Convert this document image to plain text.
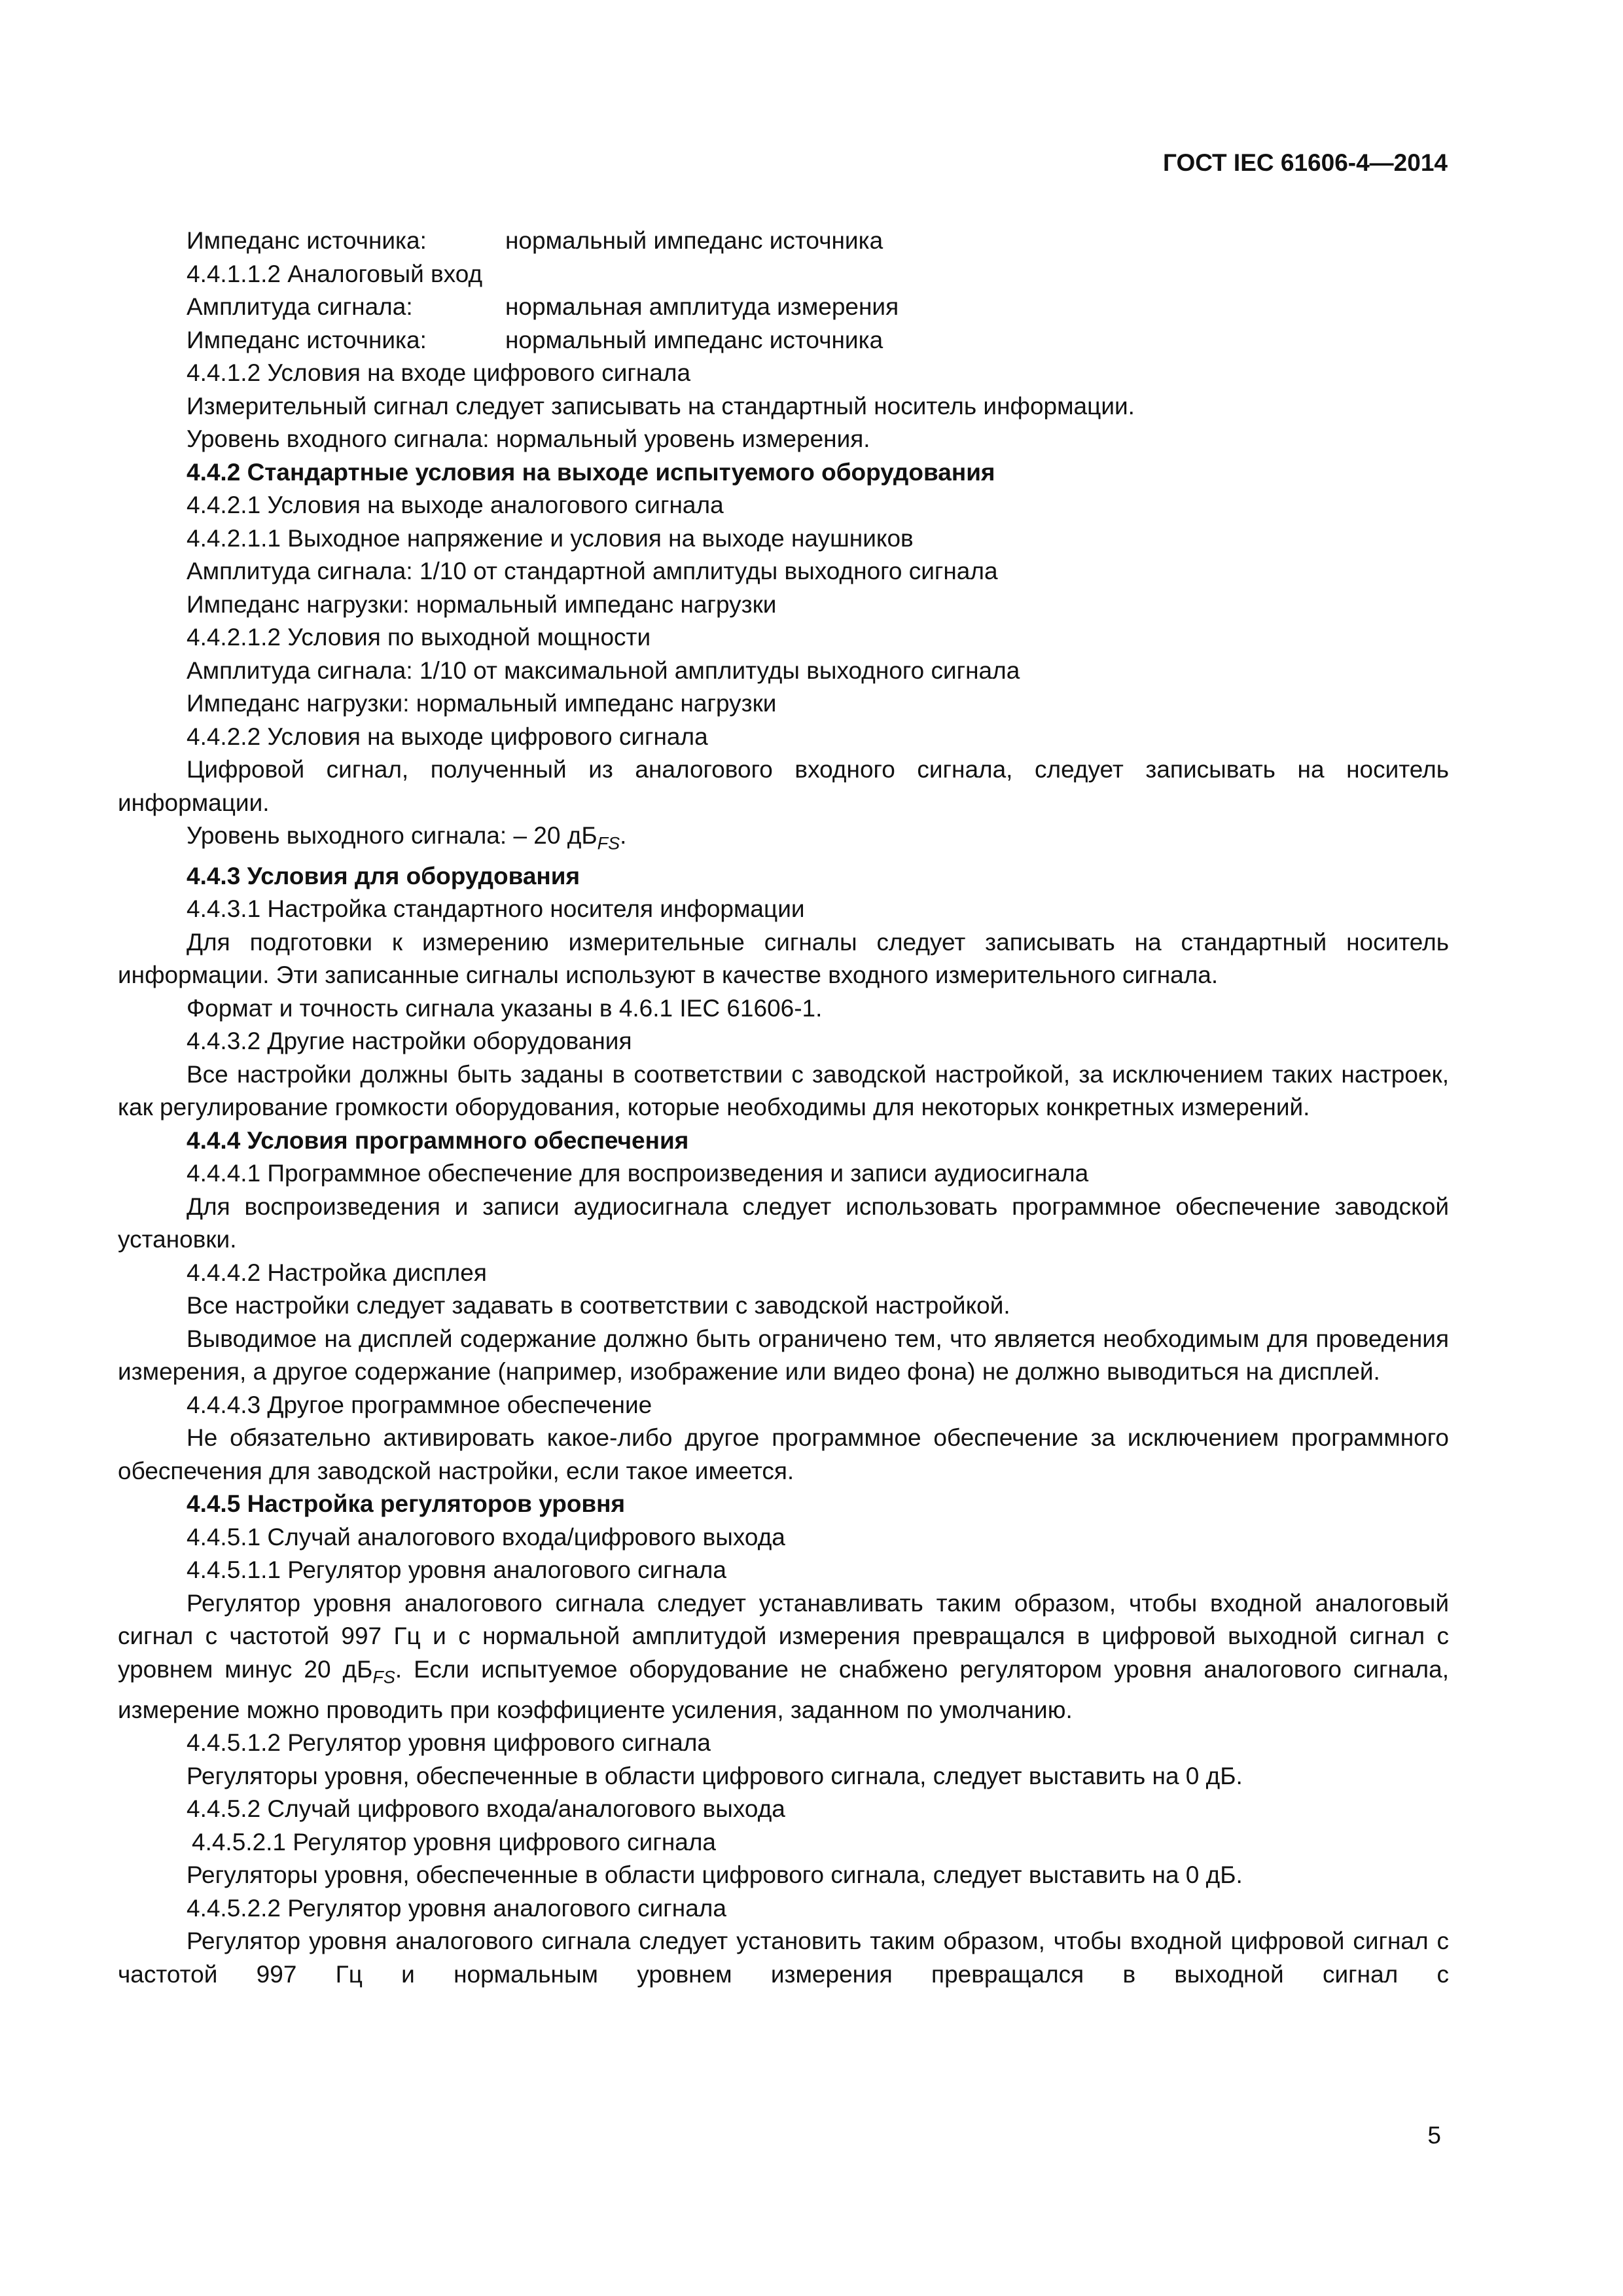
ГОСТ IEC 61606-4—2014

Импеданс источника:	нормальный импеданс источника

4.4.1.1.2 Аналоговый вход

Амплитуда сигнала:	нормальная амплитуда измерения

Импеданс источника:	нормальный импеданс источника

4.4.1.2 Условия на входе цифрового сигнала

Измерительный сигнал следует записывать на стандартный носитель информации.

Уровень входного сигнала: нормальный уровень измерения.

4.4.2 Стандартные условия на выходе испытуемого оборудования

4.4.2.1 Условия на выходе аналогового сигнала

4.4.2.1.1 Выходное напряжение и условия на выходе наушников

Амплитуда сигнала: 1/10 от стандартной амплитуды выходного сигнала

Импеданс нагрузки: нормальный импеданс нагрузки

4.4.2.1.2 Условия по выходной мощности

Амплитуда сигнала: 1/10 от максимальной амплитуды выходного сигнала

Импеданс нагрузки: нормальный импеданс нагрузки

4.4.2.2 Условия на выходе цифрового сигнала

Цифровой сигнал, полученный из аналогового входного сигнала, следует записывать на носитель информации.

Уровень выходного сигнала: – 20 $дБ_{FS}$.

4.4.3 Условия для оборудования

4.4.3.1 Настройка стандартного носителя информации

Для подготовки к измерению измерительные сигналы следует записывать на стандартный носитель информации. Эти записанные сигналы используют в качестве входного измерительного сигнала.

Формат и точность сигнала указаны в 4.6.1 IEC 61606-1.

4.4.3.2 Другие настройки оборудования

Все настройки должны быть заданы в соответствии с заводской настройкой, за исключением таких настроек, как регулирование громкости оборудования, которые необходимы для некоторых конкретных измерений.

4.4.4 Условия программного обеспечения

4.4.4.1 Программное обеспечение для воспроизведения и записи аудиосигнала

Для воспроизведения и записи аудиосигнала следует использовать программное обеспечение заводской установки.

4.4.4.2 Настройка дисплея

Все настройки следует задавать в соответствии с заводской настройкой.

Выводимое на дисплей содержание должно быть ограничено тем, что является необходимым для проведения измерения, а другое содержание (например, изображение или видео фона) не должно выводиться на дисплей.

4.4.4.3 Другое программное обеспечение

Не обязательно активировать какое-либо другое программное обеспечение за исключением программного обеспечения для заводской настройки, если такое имеется.

4.4.5 Настройка регуляторов уровня

4.4.5.1 Случай аналогового входа/цифрового выхода

4.4.5.1.1 Регулятор уровня аналогового сигнала

Регулятор уровня аналогового сигнала следует устанавливать таким образом, чтобы входной аналоговый сигнал с частотой 997 Гц и с нормальной амплитудой измерения превращался в цифровой выходной сигнал с уровнем минус 20 $дБ_{FS}$. Если испытуемое оборудование не снабжено регулятором уровня аналогового сигнала, измерение можно проводить при коэффициенте усиления, заданном по умолчанию.

4.4.5.1.2 Регулятор уровня цифрового сигнала

Регуляторы уровня, обеспеченные в области цифрового сигнала, следует выставить на 0 дБ.

4.4.5.2 Случай цифрового входа/аналогового выхода

4.4.5.2.1 Регулятор уровня цифрового сигнала

Регуляторы уровня, обеспеченные в области цифрового сигнала, следует выставить на 0 дБ.

4.4.5.2.2 Регулятор уровня аналогового сигнала

Регулятор уровня аналогового сигнала следует установить таким образом, чтобы входной цифровой сигнал с частотой 997 Гц и нормальным уровнем измерения превращался в выходной сигнал с

5
